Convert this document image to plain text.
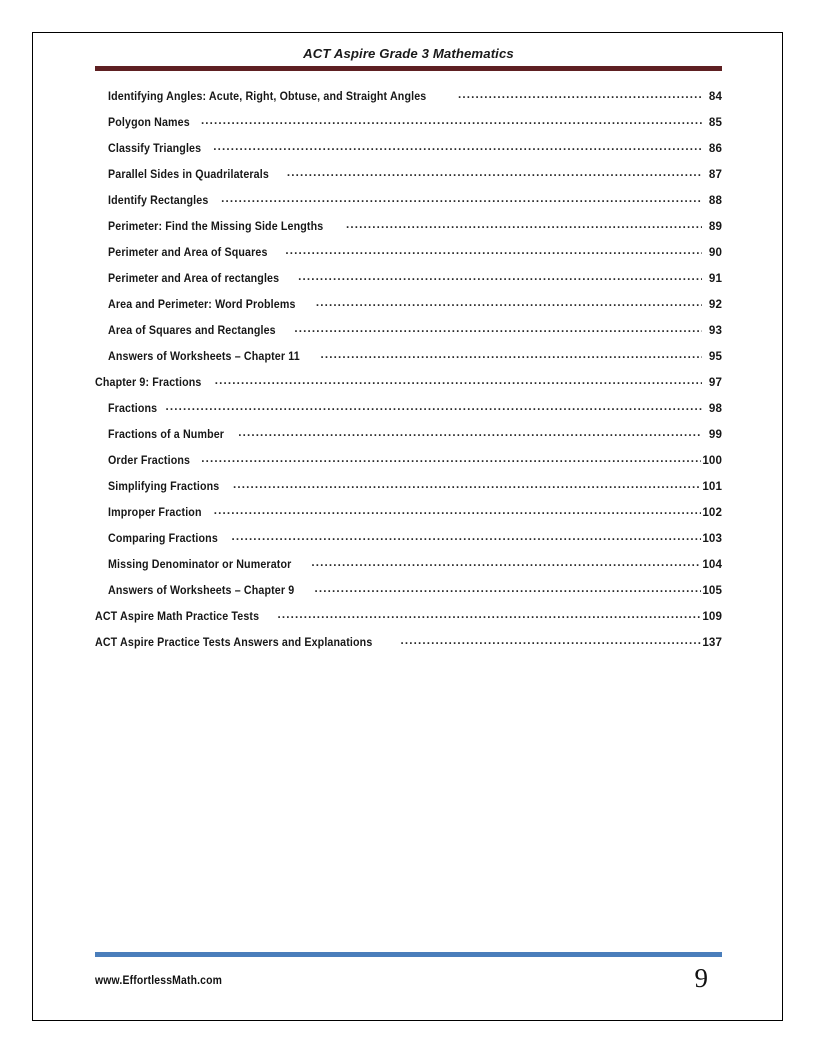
ACT Aspire Grade 3 Mathematics
Identifying Angles: Acute, Right, Obtuse, and Straight Angles .....	84
Polygon Names .....	85
Classify Triangles .....	86
Parallel Sides in Quadrilaterals .....	87
Identify Rectangles .....	88
Perimeter: Find the Missing Side Lengths .....	89
Perimeter and Area of Squares .....	90
Perimeter and Area of rectangles .....	91
Area and Perimeter: Word Problems .....	92
Area of Squares and Rectangles .....	93
Answers of Worksheets – Chapter 11 .....	95
Chapter 9: Fractions .....	97
Fractions .....	98
Fractions of a Number .....	99
Order Fractions .....	100
Simplifying Fractions .....	101
Improper Fraction .....	102
Comparing Fractions .....	103
Missing Denominator or Numerator .....	104
Answers of Worksheets – Chapter 9 .....	105
ACT Aspire Math Practice Tests .....	109
ACT Aspire Practice Tests Answers and Explanations .....	137
www.EffortlessMath.com	9
